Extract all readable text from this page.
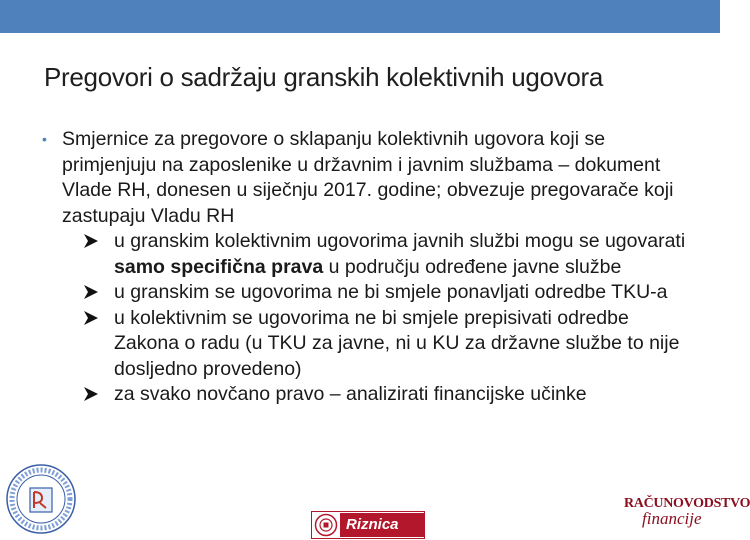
Pregovori o sadržaju granskih kolektivnih ugovora
• Smjernice za pregovore o sklapanju kolektivnih ugovora koji se primjenjuju na zaposlenike u državnim i javnim službama – dokument Vlade RH, donesen u siječnju 2017. godine; obvezuje pregovarače koji zastupaju Vladu RH
u granskim kolektivnim ugovorima javnih službi mogu se ugovarati samo specifična prava u području određene javne službe
u granskim se ugovorima ne bi smjele ponavljati odredbe TKU-a
u kolektivnim se ugovorima ne bi smjele prepisivati odredbe Zakona o radu (u TKU za javne, ni u KU za državne službe to nije dosljedno provedeno)
za svako novčano pravo – analizirati financijske učinke
Riznica
RAČUNOVODSTVO
financije
